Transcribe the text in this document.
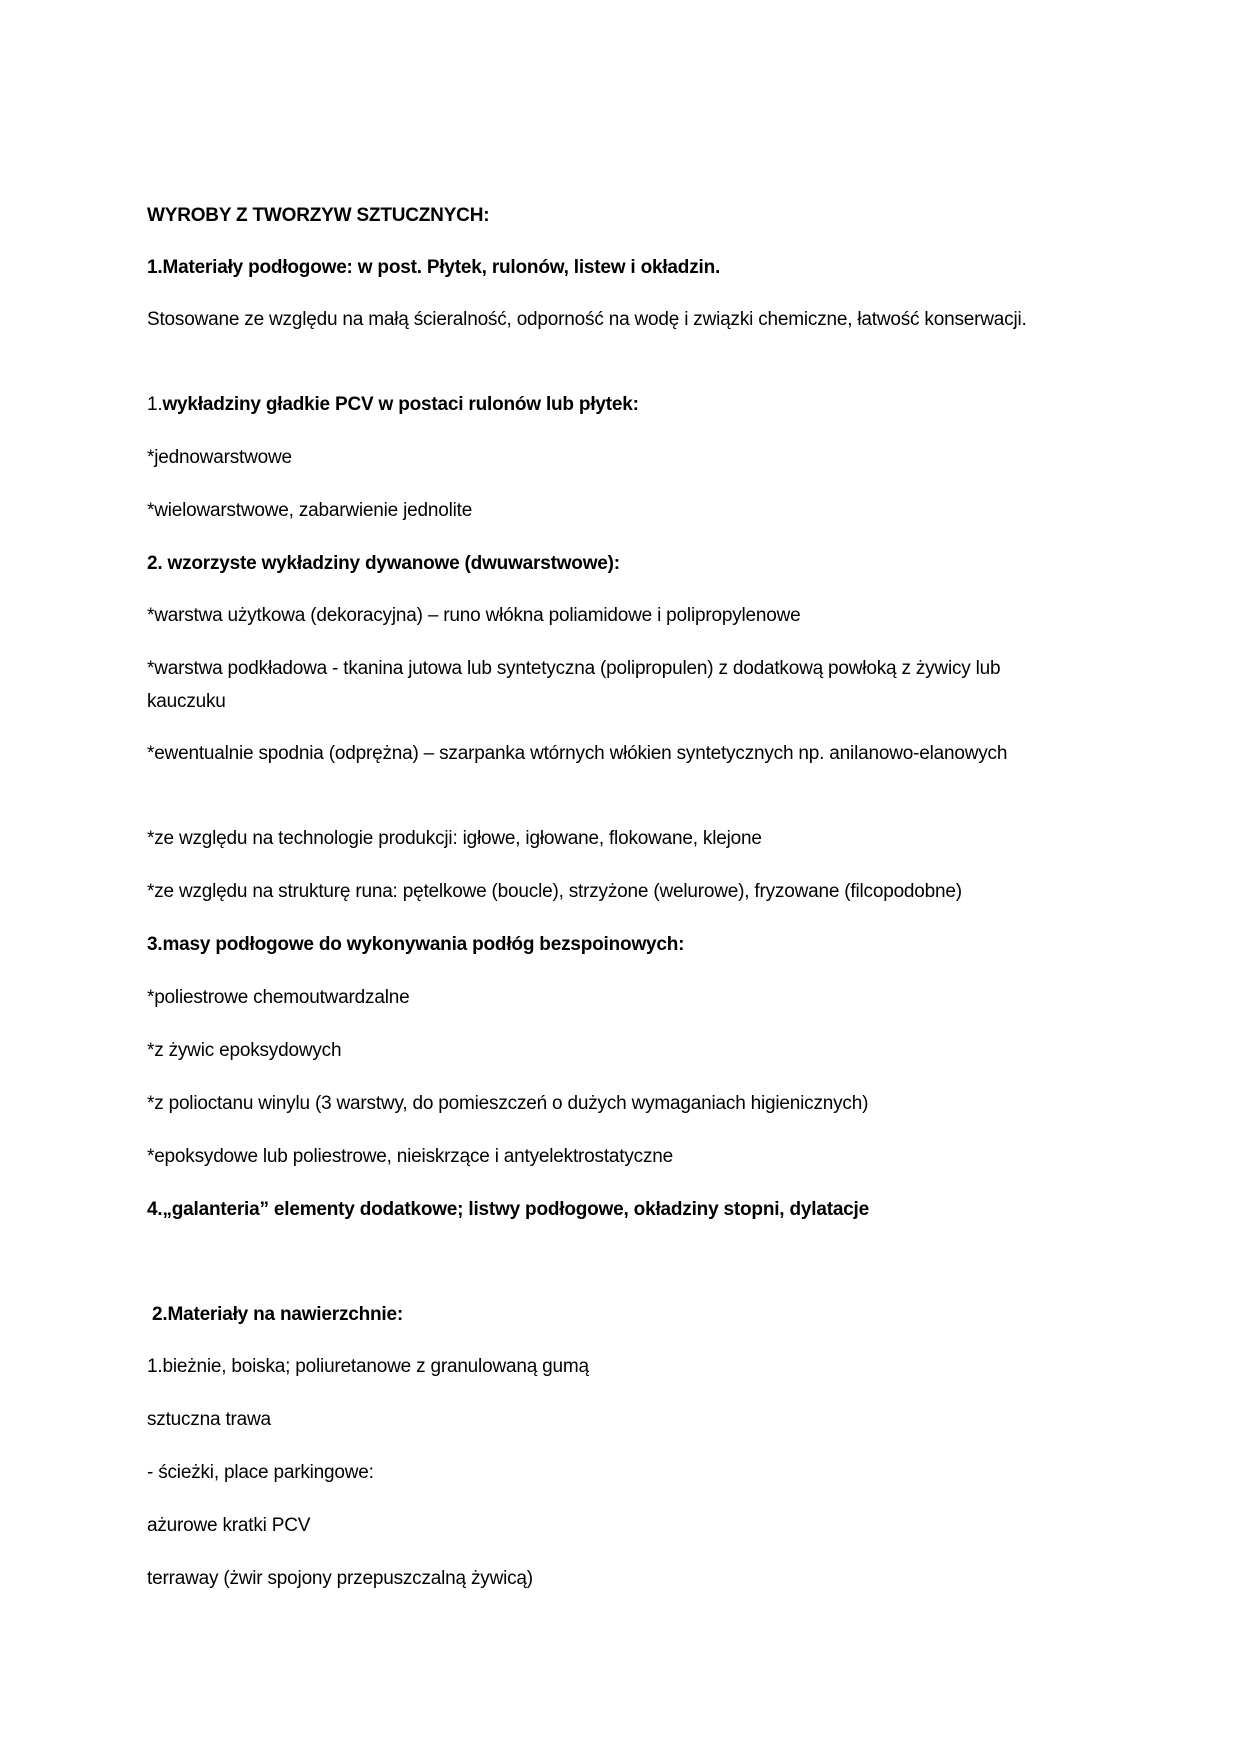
WYROBY Z TWORZYW SZTUCZNYCH:
1.Materiały podłogowe: w post. Płytek, rulonów, listew i okładzin.
Stosowane ze względu na małą ścieralność, odporność na wodę i związki chemiczne, łatwość konserwacji.
1.wykładziny gładkie PCV w postaci rulonów lub płytek:
*jednowarstwowe
*wielowarstwowe, zabarwienie jednolite
2. wzorzyste wykładziny dywanowe (dwuwarstwowe):
*warstwa użytkowa (dekoracyjna) – runo włókna poliamidowe i polipropylenowe
*warstwa podkładowa - tkanina jutowa lub syntetyczna (polipropulen) z dodatkową powłoką z żywicy lub kauczuku
*ewentualnie spodnia (odprężna) – szarpanka wtórnych włókien syntetycznych np. anilanowo-elanowych
*ze względu na technologie produkcji: igłowe, igłowane, flokowane, klejone
*ze względu na strukturę runa: pętelkowe (boucle), strzyżone (welurowe), fryzowane (filcopodobne)
3.masy podłogowe do wykonywania podłóg bezspoinowych:
*poliestrowe chemoutwardzalne
*z żywic epoksydowych
*z polioctanu winylu (3 warstwy, do pomieszczeń o dużych wymaganiach higienicznych)
*epoksydowe lub poliestrowe, nieiskrzące i antyelektrostatyczne
4.„galanteria” elementy dodatkowe; listwy podłogowe, okładziny stopni, dylatacje
2.Materiały na nawierzchnie:
1.bieżnie, boiska; poliuretanowe z granulowaną gumą
sztuczna trawa
- ścieżki, place parkingowe:
ażurowe kratki PCV
terraway (żwir spojony przepuszczalną żywicą)
